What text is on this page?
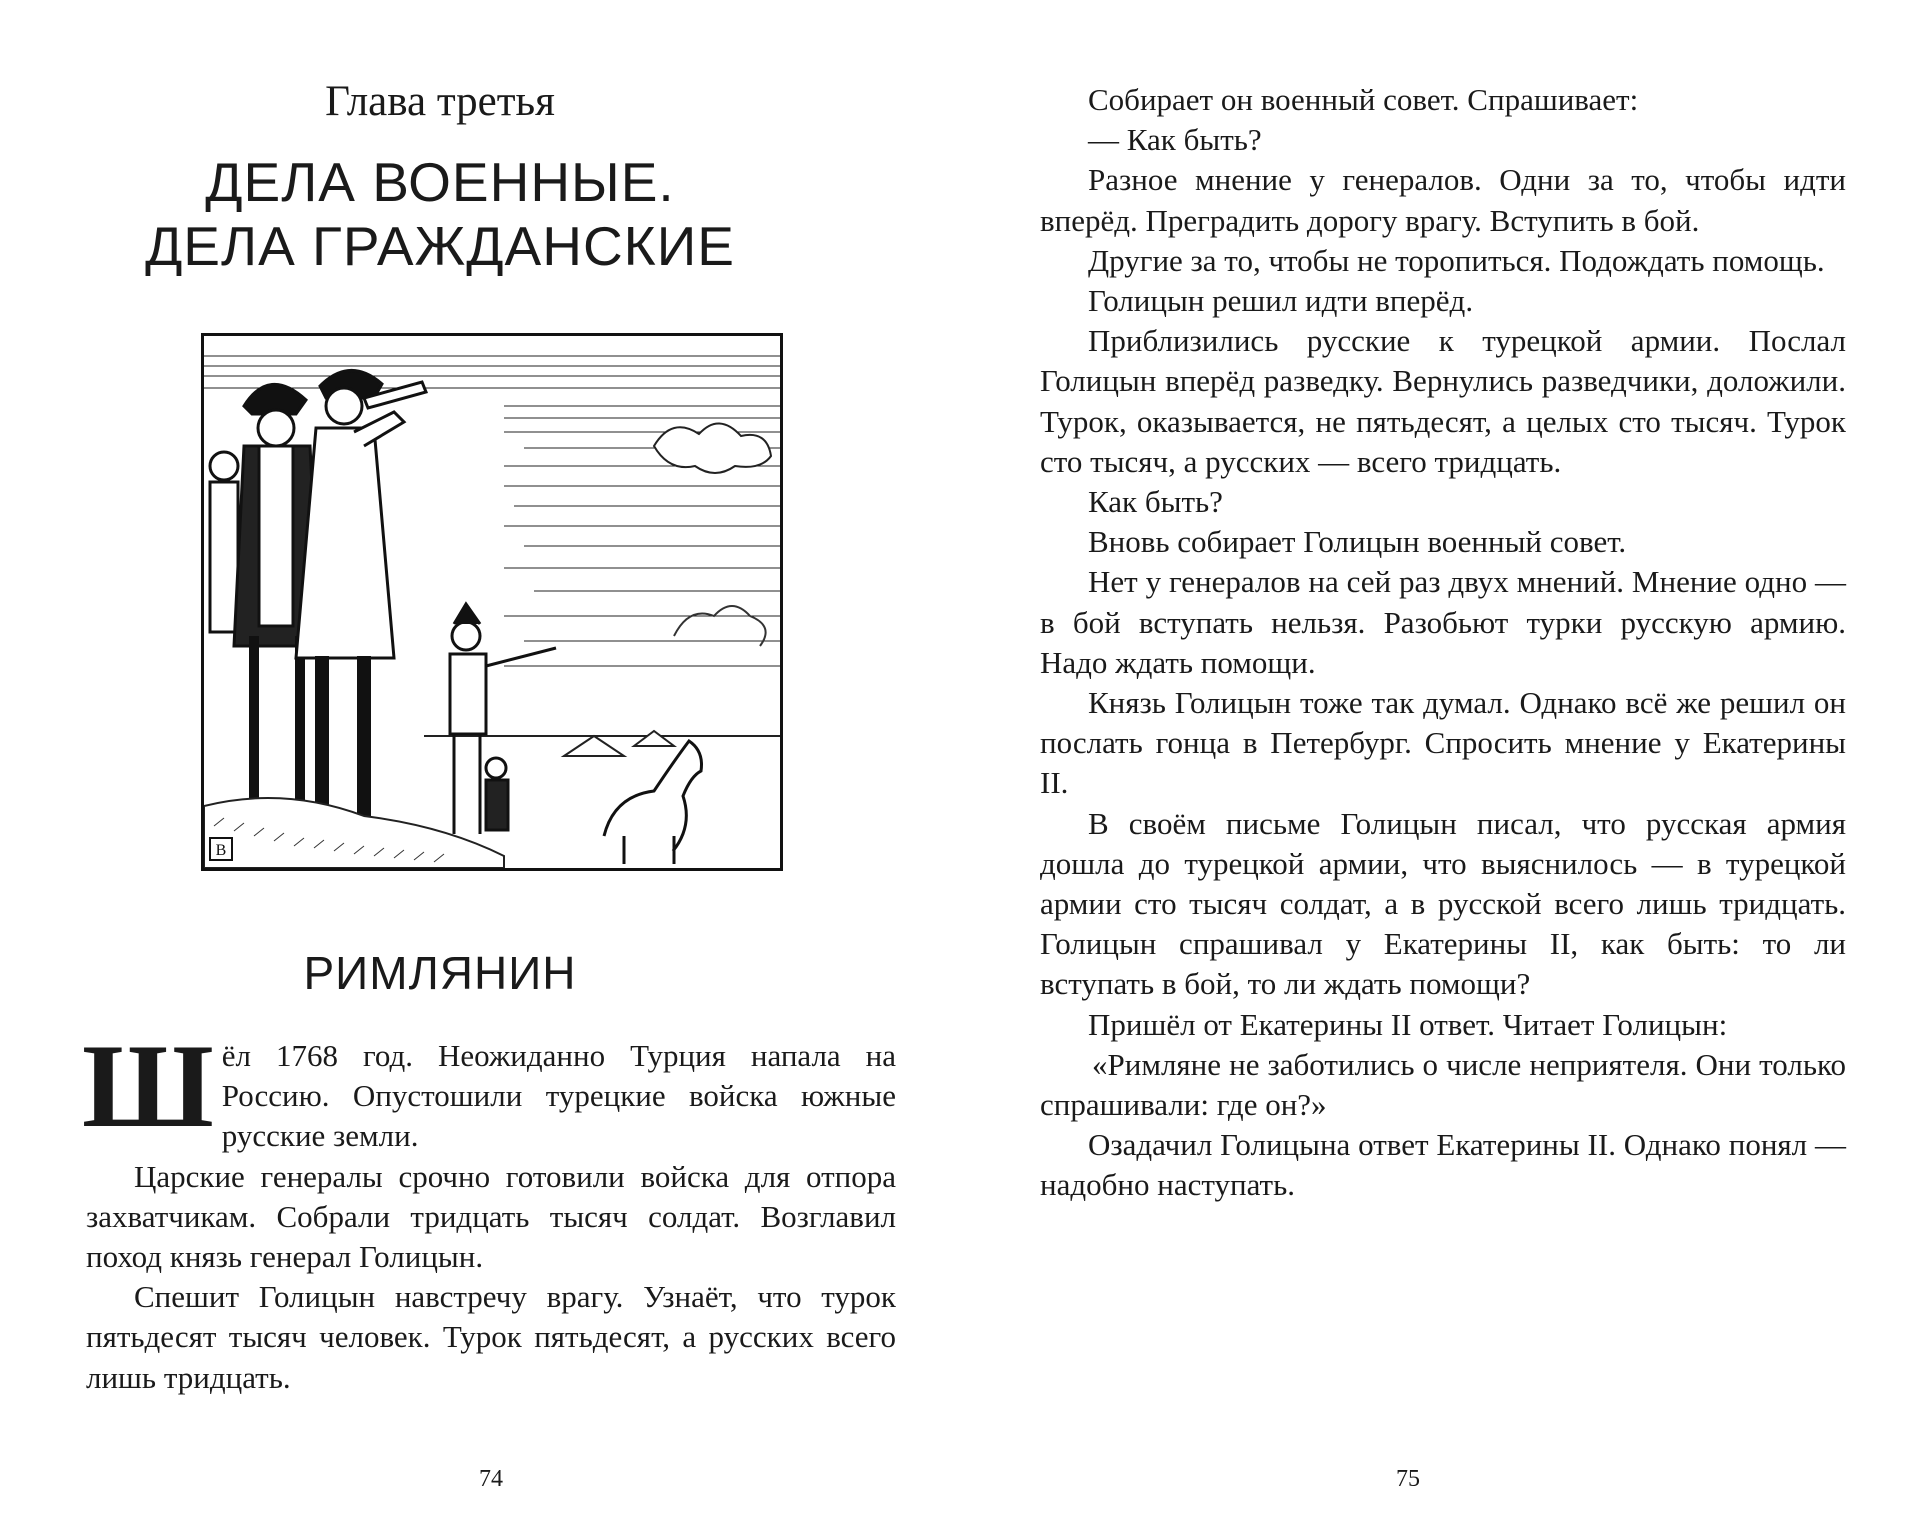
Глава третья
ДЕЛА ВОЕННЫЕ.
ДЕЛА ГРАЖДАНСКИЕ
В
РИМЛЯНИН

Шёл 1768 год. Неожиданно Турция напала на Россию. Опустошили турецкие войска южные русские земли.

Царские генералы срочно готовили войска для отпора захватчикам. Собрали тридцать тысяч солдат. Возглавил поход князь генерал Голицын.

Спешит Голицын навстречу врагу. Узнаёт, что турок пятьдесят тысяч человек. Турок пятьдесят, а русских всего лишь тридцать.

74

Собирает он военный совет. Спрашивает:

— Как быть?

Разное мнение у генералов. Одни за то, чтобы идти вперёд. Преградить дорогу врагу. Вступить в бой.

Другие за то, чтобы не торопиться. Подождать помощь.

Голицын решил идти вперёд.

Приблизились русские к турецкой армии. Послал Голицын вперёд разведку. Вернулись разведчики, доложили. Турок, оказывается, не пятьдесят, а целых сто тысяч. Турок сто тысяч, а русских — всего тридцать.

Как быть?

Вновь собирает Голицын военный совет.

Нет у генералов на сей раз двух мнений. Мнение одно — в бой вступать нельзя. Разобьют турки русскую армию. Надо ждать помощи.

Князь Голицын тоже так думал. Однако всё же решил он послать гонца в Петербург. Спросить мнение у Екатерины II.

В своём письме Голицын писал, что русская армия дошла до турецкой армии, что выяснилось — в турецкой армии сто тысяч солдат, а в русской всего лишь тридцать. Голицын спрашивал у Екатерины II, как быть: то ли вступать в бой, то ли ждать помощи?

Пришёл от Екатерины II ответ. Читает Голицын:

«Римляне не заботились о числе неприятеля. Они только спрашивали: где он?»

Озадачил Голицына ответ Екатерины II. Однако понял — надобно наступать.

75
